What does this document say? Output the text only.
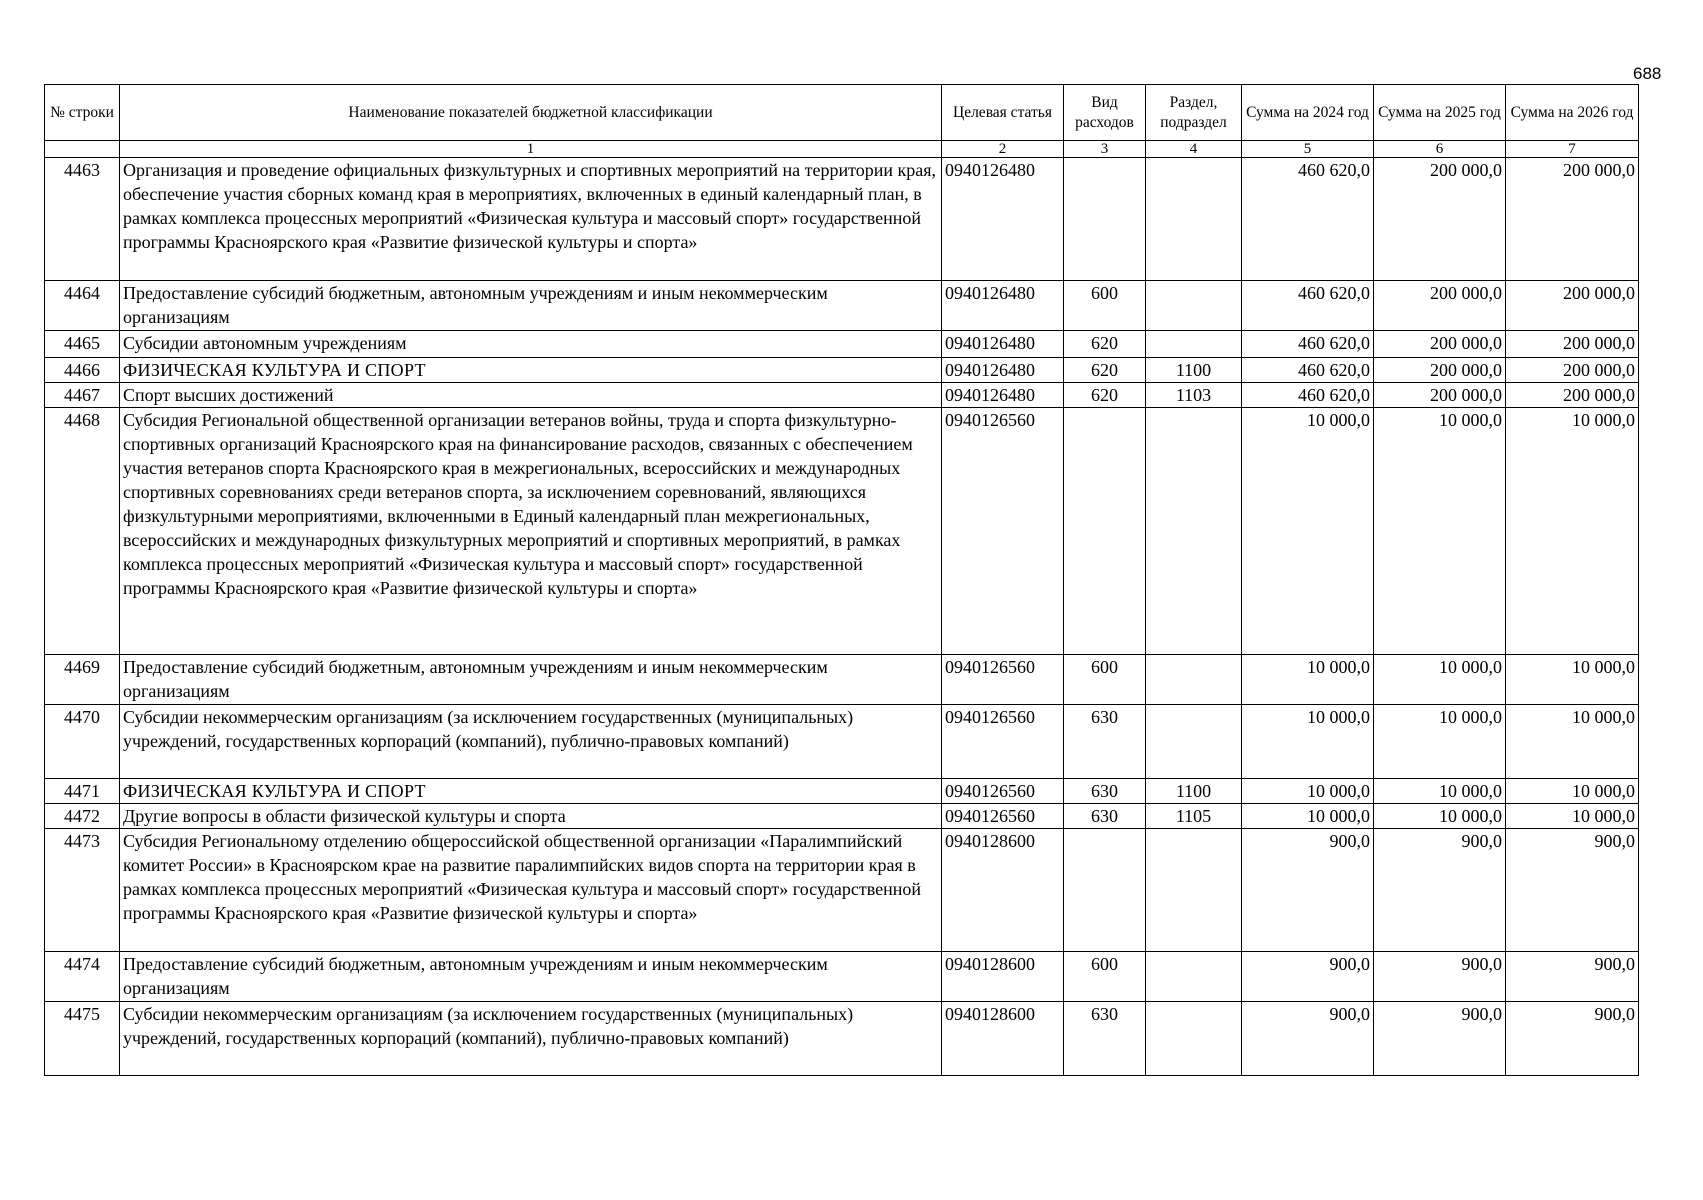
688
№ строки	Наименование показателей бюджетной классификации	Целевая статья	Вид расходов	Раздел, подраздел	Сумма на 2024 год	Сумма на 2025 год	Сумма на 2026 год
	1	2	3	4	5	6	7
4463	Организация и проведение официальных физкультурных и спортивных мероприятий на территории края, обеспечение участия сборных команд края в мероприятиях, включенных в единый календарный план, в рамках комплекса процессных мероприятий «Физическая культура и массовый спорт» государственной программы Красноярского края «Развитие физической культуры и спорта»	0940126480			460 620,0	200 000,0	200 000,0
4464	Предоставление субсидий бюджетным, автономным учреждениям и иным некоммерческим организациям	0940126480	600		460 620,0	200 000,0	200 000,0
4465	Субсидии автономным учреждениям	0940126480	620		460 620,0	200 000,0	200 000,0
4466	ФИЗИЧЕСКАЯ КУЛЬТУРА И СПОРТ	0940126480	620	1100	460 620,0	200 000,0	200 000,0
4467	Спорт высших достижений	0940126480	620	1103	460 620,0	200 000,0	200 000,0
4468	Субсидия Региональной общественной организации ветеранов войны, труда и спорта физкультурно-спортивных организаций Красноярского края на финансирование расходов, связанных с обеспечением участия ветеранов спорта Красноярского края в межрегиональных, всероссийских и международных спортивных соревнованиях среди ветеранов спорта, за исключением соревнований, являющихся физкультурными мероприятиями, включенными в Единый календарный план межрегиональных, всероссийских и международных физкультурных мероприятий и спортивных мероприятий, в рамках комплекса процессных мероприятий «Физическая культура и массовый спорт» государственной программы Красноярского края «Развитие физической культуры и спорта»	0940126560			10 000,0	10 000,0	10 000,0
4469	Предоставление субсидий бюджетным, автономным учреждениям и иным некоммерческим организациям	0940126560	600		10 000,0	10 000,0	10 000,0
4470	Субсидии некоммерческим организациям (за исключением государственных (муниципальных) учреждений, государственных корпораций (компаний), публично-правовых компаний)	0940126560	630		10 000,0	10 000,0	10 000,0
4471	ФИЗИЧЕСКАЯ КУЛЬТУРА И СПОРТ	0940126560	630	1100	10 000,0	10 000,0	10 000,0
4472	Другие вопросы в области физической культуры и спорта	0940126560	630	1105	10 000,0	10 000,0	10 000,0
4473	Субсидия Региональному отделению общероссийской общественной организации «Паралимпийский комитет России» в Красноярском крае на развитие паралимпийских видов спорта на территории края в рамках комплекса процессных мероприятий «Физическая культура и массовый спорт» государственной программы Красноярского края «Развитие физической культуры и спорта»	0940128600			900,0	900,0	900,0
4474	Предоставление субсидий бюджетным, автономным учреждениям и иным некоммерческим организациям	0940128600	600		900,0	900,0	900,0
4475	Субсидии некоммерческим организациям (за исключением государственных (муниципальных) учреждений, государственных корпораций (компаний), публично-правовых компаний)	0940128600	630		900,0	900,0	900,0
